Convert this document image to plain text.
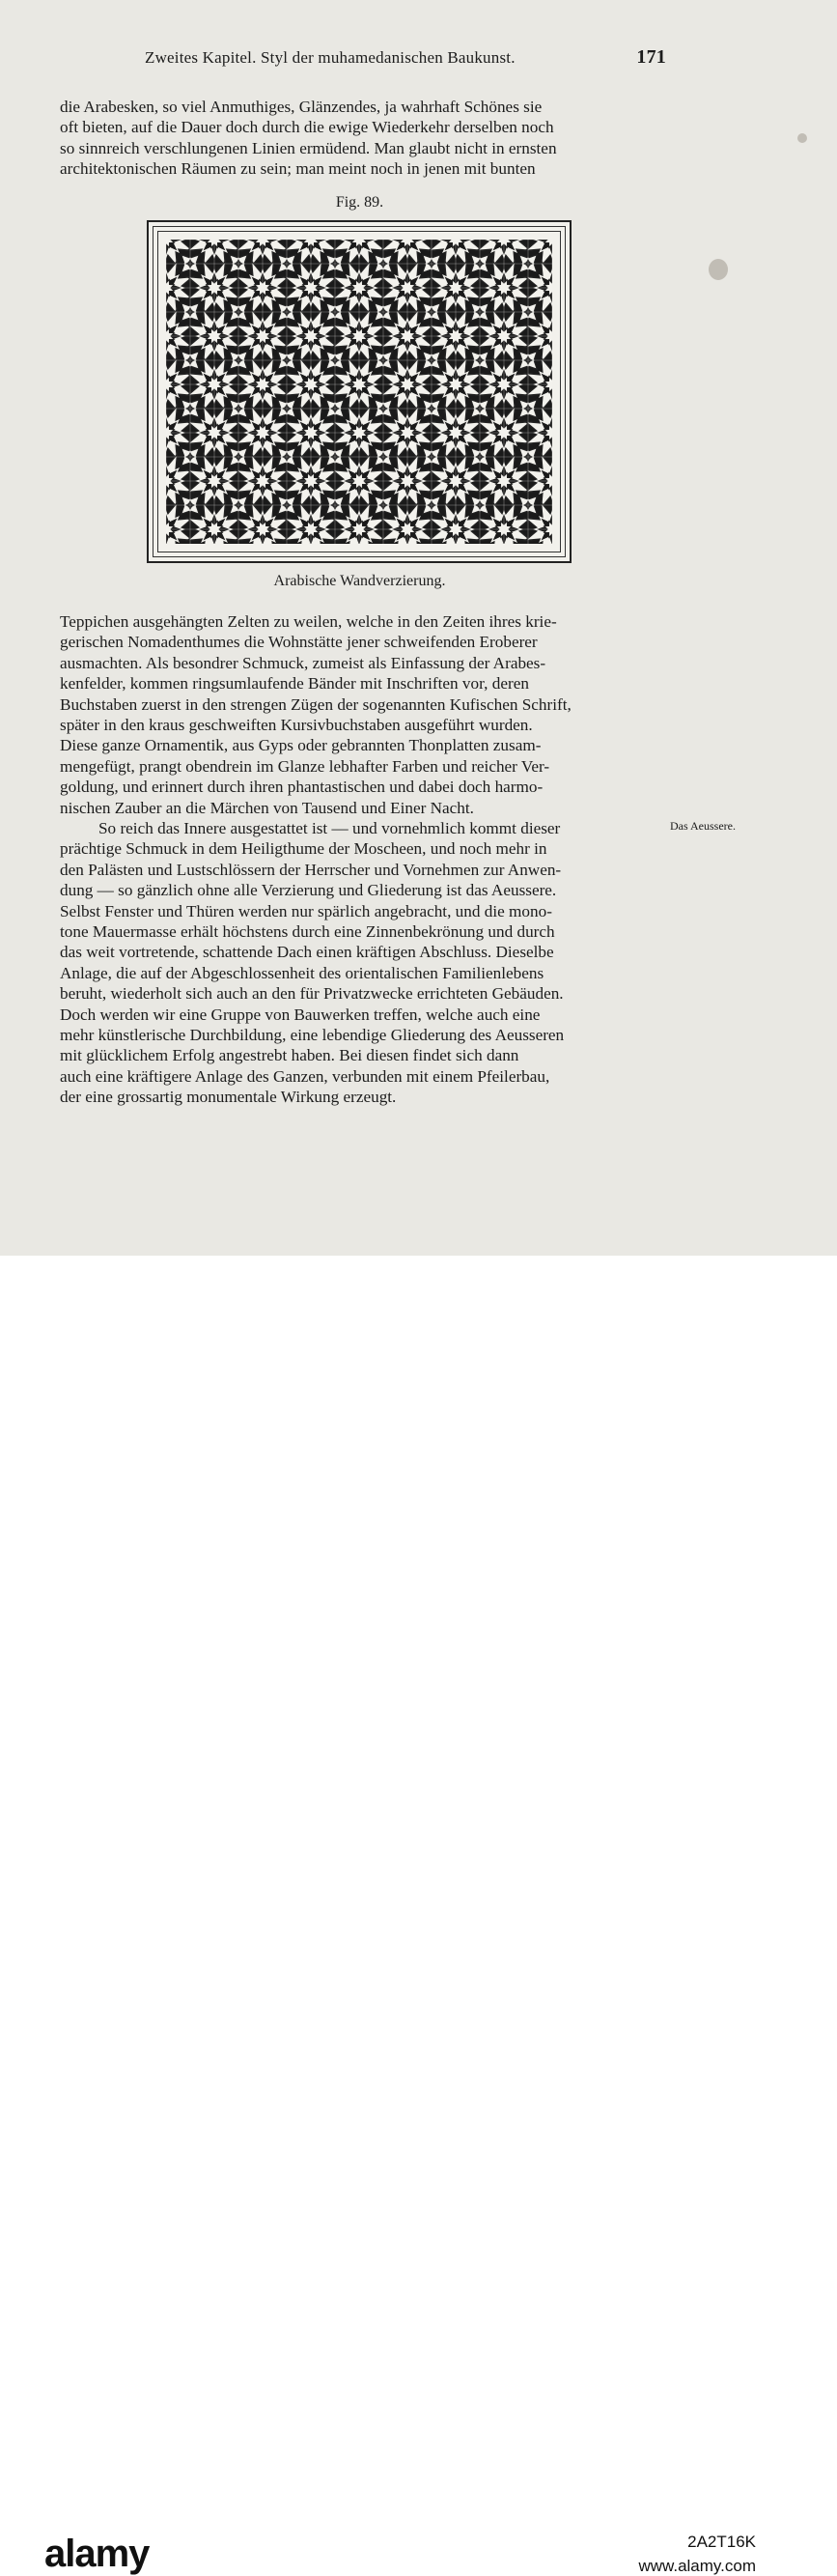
Zweites Kapitel. Styl der muhamedanischen Baukunst.	171
die Arabesken, so viel Anmuthiges, Glänzendes, ja wahrhaft Schönes sie
oft bieten, auf die Dauer doch durch die ewige Wiederkehr derselben noch
so sinnreich verschlungenen Linien ermüdend. Man glaubt nicht in ernsten
architektonischen Räumen zu sein; man meint noch in jenen mit bunten
Fig. 89.
Arabische Wandverzierung.
Teppichen ausgehängten Zelten zu weilen, welche in den Zeiten ihres krie-
gerischen Nomadenthumes die Wohnstätte jener schweifenden Eroberer
ausmachten. Als besondrer Schmuck, zumeist als Einfassung der Arabes-
kenfelder, kommen ringsumlaufende Bänder mit Inschriften vor, deren
Buchstaben zuerst in den strengen Zügen der sogenannten Kufischen Schrift,
später in den kraus geschweiften Kursivbuchstaben ausgeführt wurden.
Diese ganze Ornamentik, aus Gyps oder gebrannten Thonplatten zusam-
mengefügt, prangt obendrein im Glanze lebhafter Farben und reicher Ver-
goldung, und erinnert durch ihren phantastischen und dabei doch harmo-
nischen Zauber an die Märchen von Tausend und Einer Nacht.
So reich das Innere ausgestattet ist — und vornehmlich kommt dieser
prächtige Schmuck in dem Heiligthume der Moscheen, und noch mehr in
den Palästen und Lustschlössern der Herrscher und Vornehmen zur Anwen-
dung — so gänzlich ohne alle Verzierung und Gliederung ist das Aeussere.
Selbst Fenster und Thüren werden nur spärlich angebracht, und die mono-
tone Mauermasse erhält höchstens durch eine Zinnenbekrönung und durch
das weit vortretende, schattende Dach einen kräftigen Abschluss. Dieselbe
Anlage, die auf der Abgeschlossenheit des orientalischen Familienlebens
beruht, wiederholt sich auch an den für Privatzwecke errichteten Gebäuden.
Doch werden wir eine Gruppe von Bauwerken treffen, welche auch eine
mehr künstlerische Durchbildung, eine lebendige Gliederung des Aeusseren
mit glücklichem Erfolg angestrebt haben. Bei diesen findet sich dann
auch eine kräftigere Anlage des Ganzen, verbunden mit einem Pfeilerbau,
der eine grossartig monumentale Wirkung erzeugt.
Das Aeussere.
alamy	2A2T16K
www.alamy.com
